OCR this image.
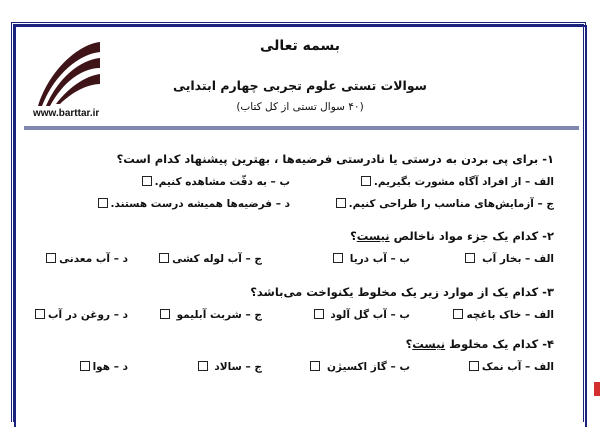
www.barttar.ir
بسمه تعالی
سوالات تستی علوم تجربی چهارم ابتدایی
(۴۰ سوال تستی از کل کتاب)
۱- برای پی بردن به درستی یا نادرستی فرضیه‌ها ، بهترین پیشنهاد کدام است؟
الف – از افراد آگاه مشورت بگیریم.
ب – به دقّت مشاهده کنیم.
ج – آزمایش‌های مناسب را طراحی کنیم.
د – فرضیه‌ها همیشه درست هستند.
۲- کدام یک جزء مواد ناخالص نیست؟
الف – بخار آب
ب – آب دریا
ج – آب لوله کشی
د – آب معدنی
۳- کدام یک از موارد زیر یک مخلوط یکنواخت می‌باشد؟
الف – خاک باغچه
ب – آب گل آلود
ج – شربت آبلیمو
د – روغن در آب
۴- کدام یک مخلوط نیست؟
الف – آب نمک
ب – گاز اکسیژن
ج – سالاد
د – هوا
